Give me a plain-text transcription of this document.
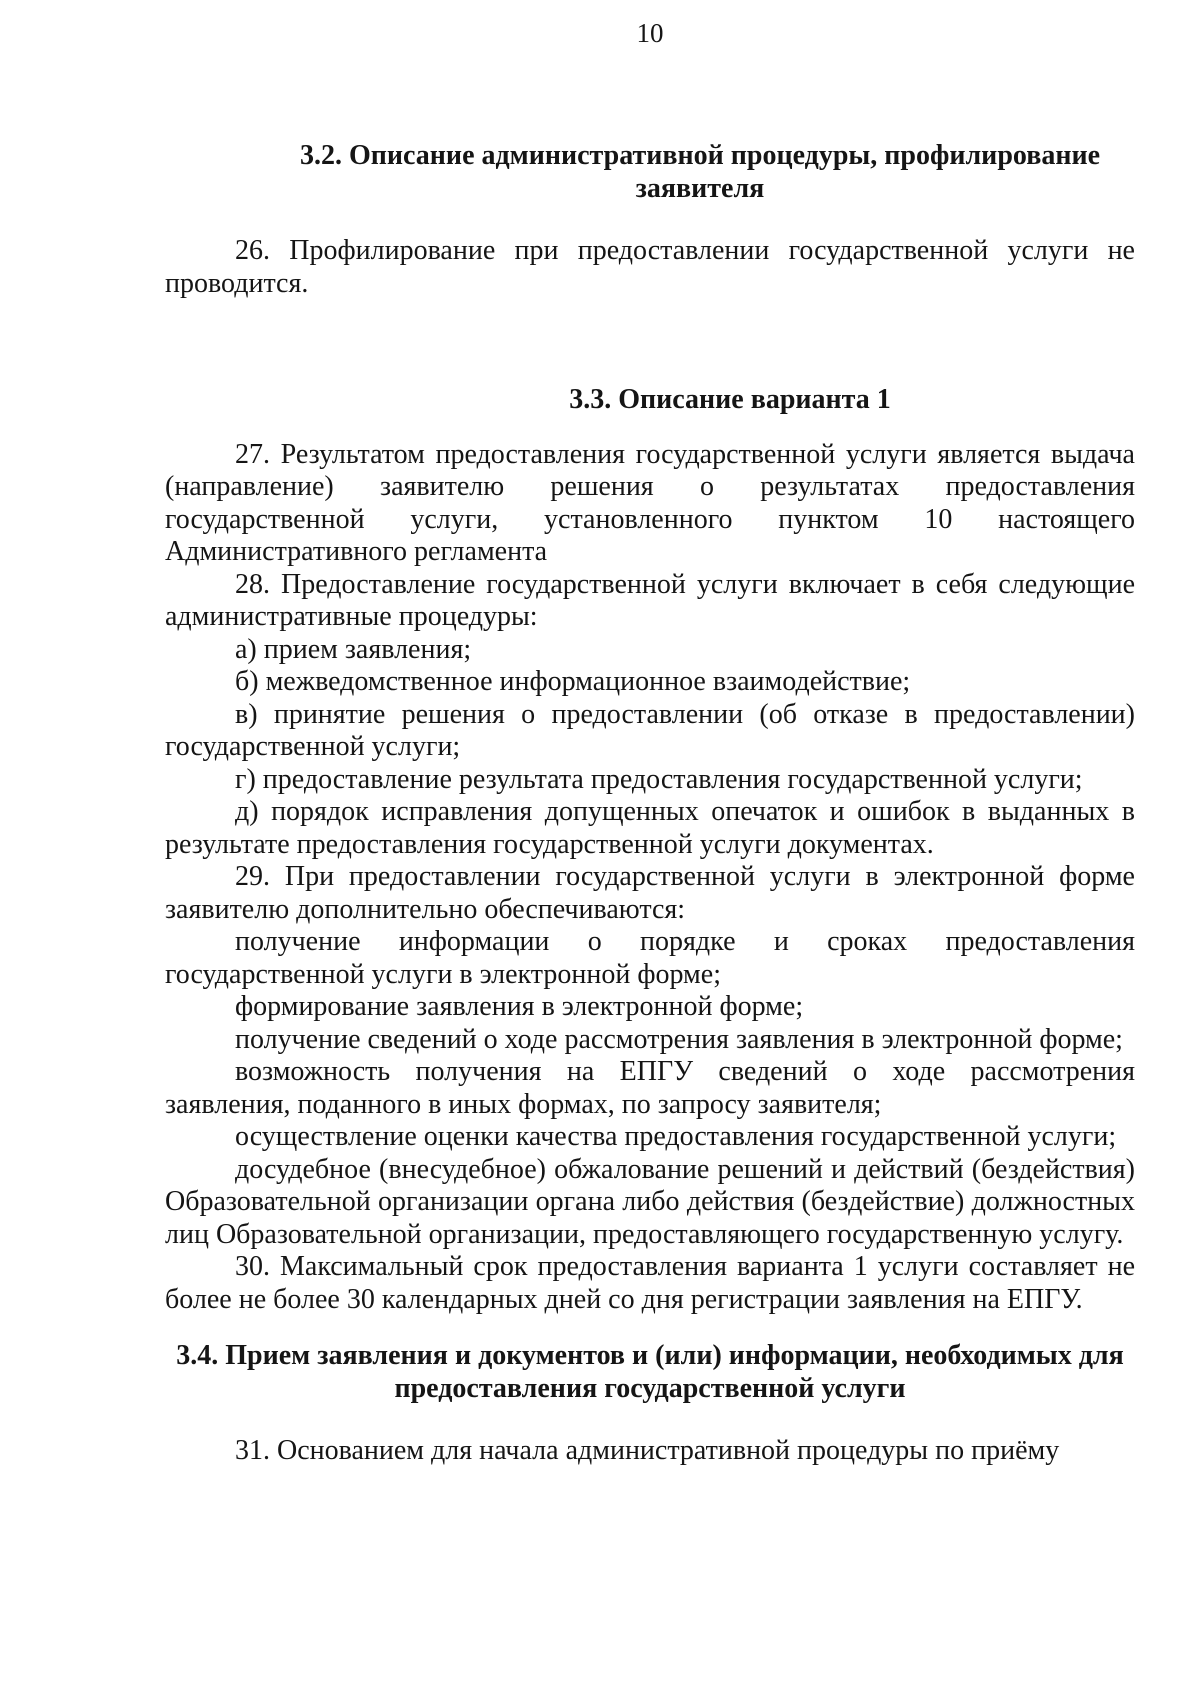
10
3.2. Описание административной процедуры, профилирование
заявителя

26. Профилирование при предоставлении государственной услуги не проводится.

3.3. Описание варианта 1

27. Результатом предоставления государственной услуги является выдача (направление) заявителю решения о результатах предоставления государственной услуги, установленного пунктом 10 настоящего Административного регламента

28. Предоставление государственной услуги включает в себя следующие административные процедуры:

а) прием заявления;

б) межведомственное информационное взаимодействие;

в) принятие решения о предоставлении (об отказе в предоставлении) государственной услуги;

г) предоставление результата предоставления государственной услуги;

д) порядок исправления допущенных опечаток и ошибок в выданных в результате предоставления государственной услуги документах.

29. При предоставлении государственной услуги в электронной форме заявителю дополнительно обеспечиваются:

получение информации о порядке и сроках предоставления государственной услуги в электронной форме;

формирование заявления в электронной форме;

получение сведений о ходе рассмотрения заявления в электронной форме;

возможность получения на ЕПГУ сведений о ходе рассмотрения заявления, поданного в иных формах, по запросу заявителя;

осуществление оценки качества предоставления государственной услуги;

досудебное (внесудебное) обжалование решений и действий (бездействия) Образовательной организации органа либо действия (бездействие) должностных лиц Образовательной организации, предоставляющего государственную услугу.

30. Максимальный срок предоставления варианта 1 услуги составляет не более не более 30 календарных дней со дня регистрации заявления на ЕПГУ.

3.4. Прием заявления и документов и (или) информации, необходимых для
предоставления государственной услуги

31. Основанием для начала административной процедуры по приёму
